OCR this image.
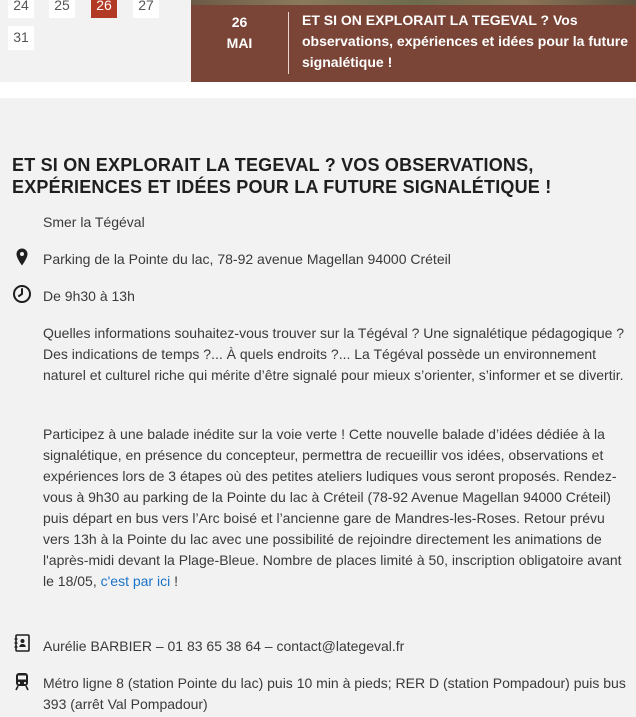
24	25	26	27
31
26
MAI
ET SI ON EXPLORAIT LA TEGEVAL ? Vos observations, expériences et idées pour la future signalétique !
ET SI ON EXPLORAIT LA TEGEVAL ? VOS OBSERVATIONS,
EXPÉRIENCES ET IDÉES POUR LA FUTURE SIGNALÉTIQUE !
Smer la Tégéval
Parking de la Pointe du lac, 78-92 avenue Magellan 94000 Créteil
De 9h30 à 13h

Quelles informations souhaitez-vous trouver sur la Tégéval ? Une signalétique pédagogique ? Des indications de temps ?... À quels endroits ?... La Tégéval possède un environnement naturel et culturel riche qui mérite d’être signalé pour mieux s’orienter, s’informer et se divertir.

Participez à une balade inédite sur la voie verte ! Cette nouvelle balade d’idées dédiée à la signalétique, en présence du concepteur, permettra de recueillir vos idées, observations et expériences lors de 3 étapes où des petites ateliers ludiques vous seront proposés. Rendez-vous à 9h30 au parking de la Pointe du lac à Créteil (78-92 Avenue Magellan 94000 Créteil) puis départ en bus vers l’Arc boisé et l’ancienne gare de Mandres-les-Roses. Retour prévu vers 13h à la Pointe du lac avec une possibilité de rejoindre directement les animations de l'après-midi devant la Plage-Bleue. Nombre de places limité à 50, inscription obligatoire avant le 18/05, c'est par ici !

Aurélie BARBIER – 01 83 65 38 64 – contact@lategeval.fr

Métro ligne 8 (station Pointe du lac) puis 10 min à pieds; RER D (station Pompadour) puis bus 393 (arrêt Val Pompadour)
